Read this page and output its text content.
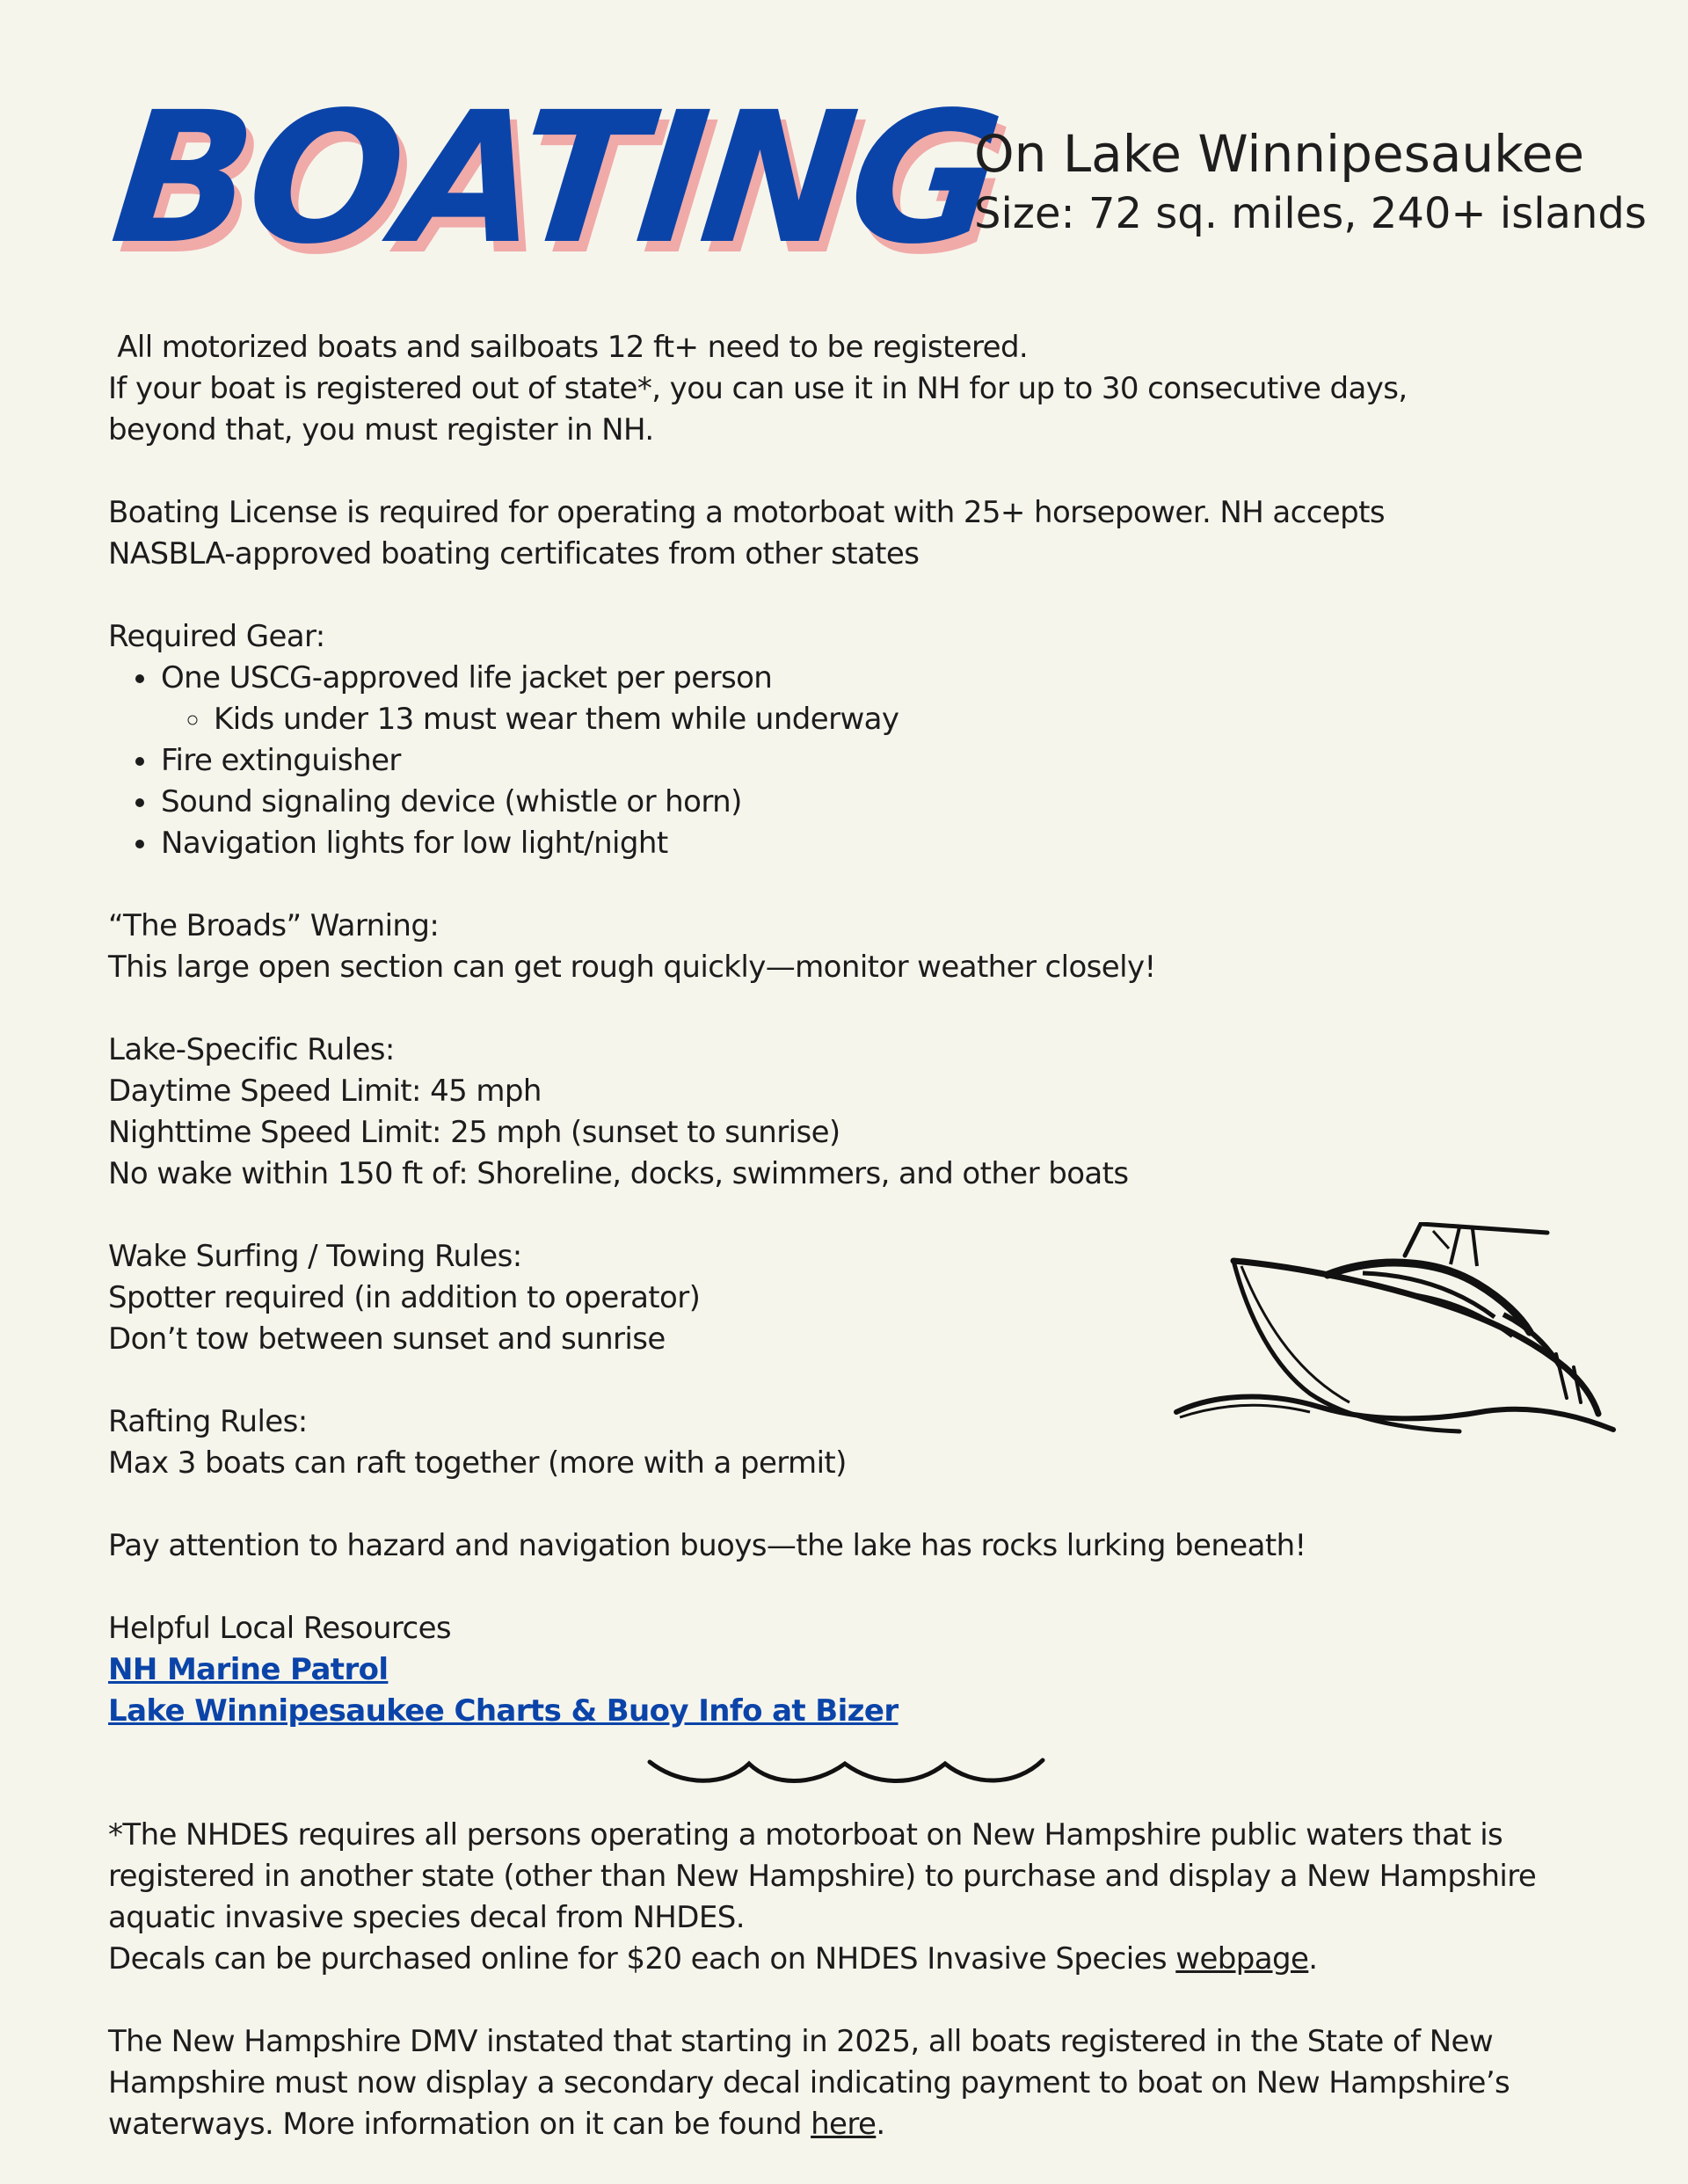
BOATING
On Lake Winnipesaukee
Size: 72 sq. miles, 240+ islands

All motorized boats and sailboats 12 ft+ need to be registered.

If your boat is registered out of state*, you can use it in NH for up to 30 consecutive days,

beyond that, you must register in NH.

Boating License is required for operating a motorboat with 25+ horsepower. NH accepts

NASBLA-approved boating certificates from other states

Required Gear:

• One USCG-approved life jacket per person
◦ Kids under 13 must wear them while underway
• Fire extinguisher
• Sound signaling device (whistle or horn)
• Navigation lights for low light/night

“The Broads” Warning:

This large open section can get rough quickly—monitor weather closely!

Lake-Specific Rules:

Daytime Speed Limit: 45 mph

Nighttime Speed Limit: 25 mph (sunset to sunrise)

No wake within 150 ft of: Shoreline, docks, swimmers, and other boats

Wake Surfing / Towing Rules:

Spotter required (in addition to operator)

Don’t tow between sunset and sunrise

Rafting Rules:

Max 3 boats can raft together (more with a permit)

Pay attention to hazard and navigation buoys—the lake has rocks lurking beneath!

Helpful Local Resources

NH Marine Patrol

Lake Winnipesaukee Charts & Buoy Info at Bizer

*The NHDES requires all persons operating a motorboat on New Hampshire public waters that is

registered in another state (other than New Hampshire) to purchase and display a New Hampshire

aquatic invasive species decal from NHDES.

Decals can be purchased online for $20 each on NHDES Invasive Species webpage.

The New Hampshire DMV instated that starting in 2025, all boats registered in the State of New

Hampshire must now display a secondary decal indicating payment to boat on New Hampshire’s

waterways. More information on it can be found here.
